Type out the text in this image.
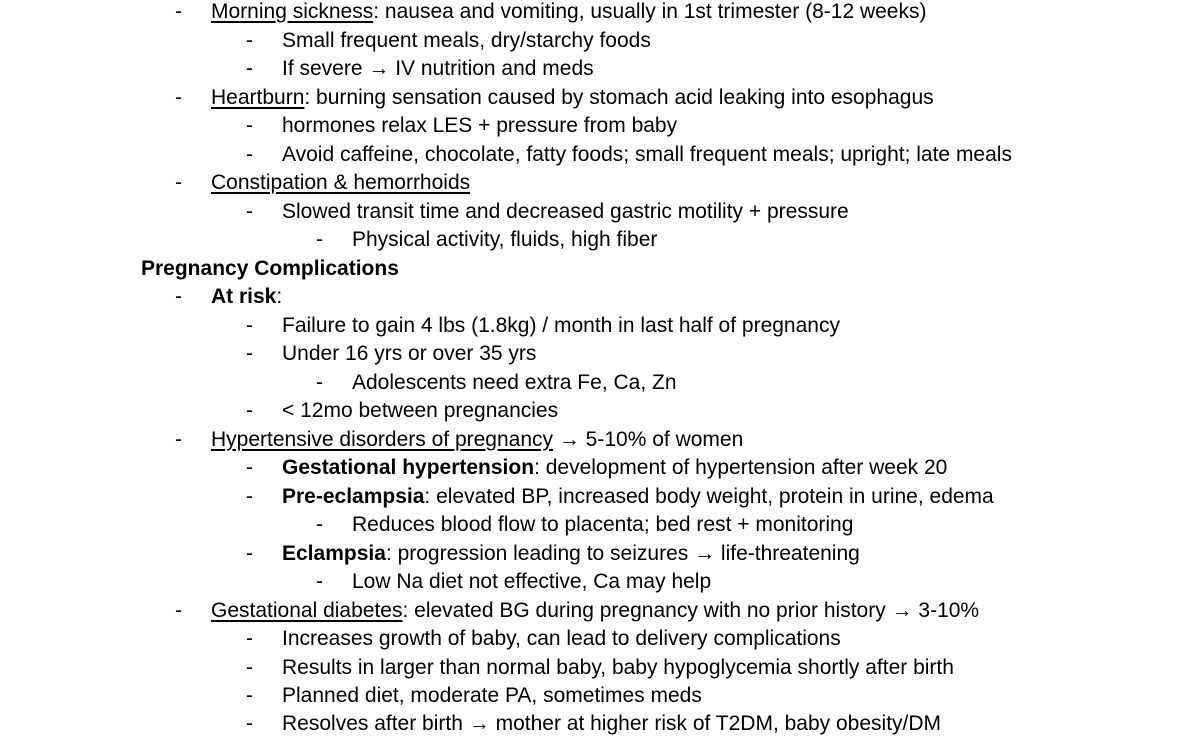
- Morning sickness: nausea and vomiting, usually in 1st trimester (8-12 weeks)
- Small frequent meals, dry/starchy foods
- If severe → IV nutrition and meds
- Heartburn: burning sensation caused by stomach acid leaking into esophagus
- hormones relax LES + pressure from baby
- Avoid caffeine, chocolate, fatty foods; small frequent meals; upright; late meals
- Constipation & hemorrhoids
- Slowed transit time and decreased gastric motility + pressure
- Physical activity, fluids, high fiber
Pregnancy Complications
- At risk:
- Failure to gain 4 lbs (1.8kg) / month in last half of pregnancy
- Under 16 yrs or over 35 yrs
- Adolescents need extra Fe, Ca, Zn
- < 12mo between pregnancies
- Hypertensive disorders of pregnancy → 5-10% of women
- Gestational hypertension: development of hypertension after week 20
- Pre-eclampsia: elevated BP, increased body weight, protein in urine, edema
- Reduces blood flow to placenta; bed rest + monitoring
- Eclampsia: progression leading to seizures → life-threatening
- Low Na diet not effective, Ca may help
- Gestational diabetes: elevated BG during pregnancy with no prior history → 3-10%
- Increases growth of baby, can lead to delivery complications
- Results in larger than normal baby, baby hypoglycemia shortly after birth
- Planned diet, moderate PA, sometimes meds
- Resolves after birth → mother at higher risk of T2DM, baby obesity/DM
